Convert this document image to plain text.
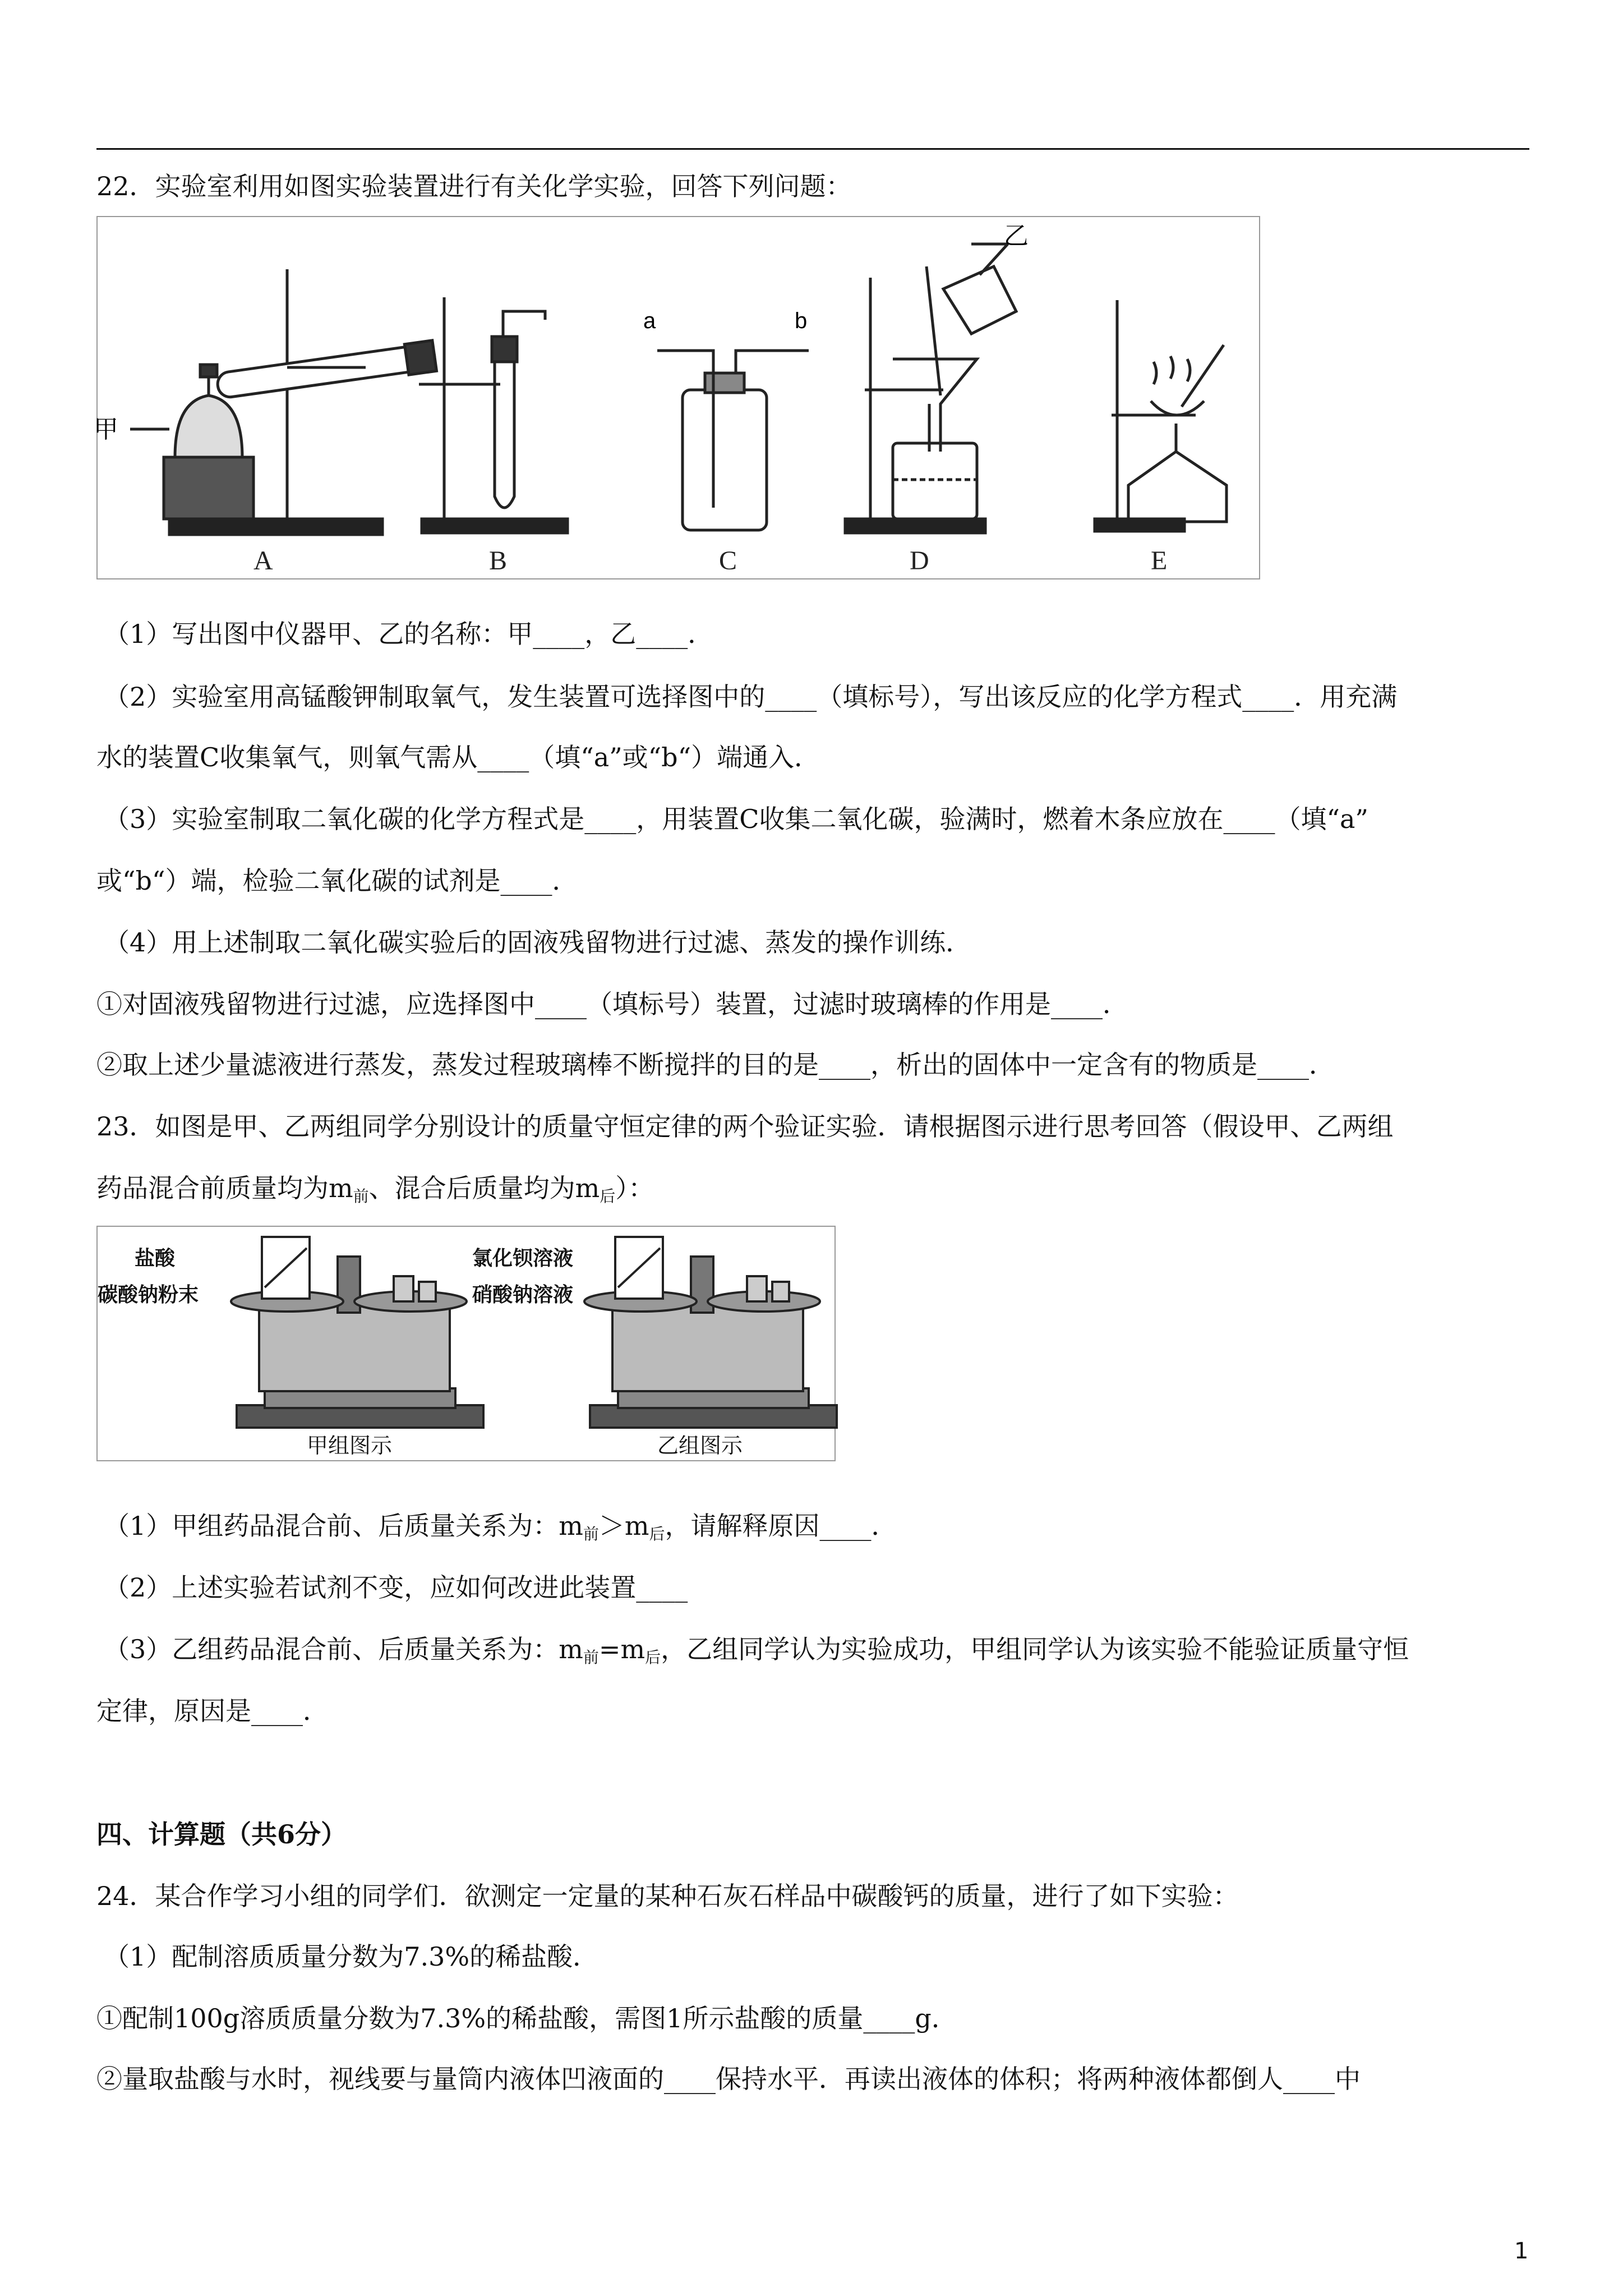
22．实验室利用如图实验装置进行有关化学实验，回答下列问题：
甲
a	b
乙
A	B	C	D	E
（1）写出图中仪器甲、乙的名称：甲____，乙____．
（2）实验室用高锰酸钾制取氧气，发生装置可选择图中的____（填标号），写出该反应的化学方程式____．用充满
水的装置C收集氧气，则氧气需从____（填“a”或“b“）端通入．
（3）实验室制取二氧化碳的化学方程式是____，用装置C收集二氧化碳，验满时，燃着木条应放在____（填“a”
或“b“）端，检验二氧化碳的试剂是____．
（4）用上述制取二氧化碳实验后的固液残留物进行过滤、蒸发的操作训练．
①对固液残留物进行过滤，应选择图中____（填标号）装置，过滤时玻璃棒的作用是____．
②取上述少量滤液进行蒸发，蒸发过程玻璃棒不断搅拌的目的是____，析出的固体中一定含有的物质是____．
23．如图是甲、乙两组同学分别设计的质量守恒定律的两个验证实验．请根据图示进行思考回答（假设甲、乙两组
药品混合前质量均为$m_前$、混合后质量均为$m_后$）：
盐酸
碳酸钠粉末
甲组图示
氯化钡溶液
硝酸钠溶液
乙组图示
（1）甲组药品混合前、后质量关系为：$m_前>m_后$，请解释原因____．
（2）上述实验若试剂不变，应如何改进此装置____
（3）乙组药品混合前、后质量关系为：$m_前=m_后$，乙组同学认为实验成功，甲组同学认为该实验不能验证质量守恒
定律，原因是____．
四、计算题（共6分）
24．某合作学习小组的同学们．欲测定一定量的某种石灰石样品中碳酸钙的质量，进行了如下实验：
（1）配制溶质质量分数为7.3%的稀盐酸．
①配制100g溶质质量分数为7.3%的稀盐酸，需图1所示盐酸的质量____g．
②量取盐酸与水时，视线要与量筒内液体凹液面的____保持水平．再读出液体的体积；将两种液体都倒人____中
1
